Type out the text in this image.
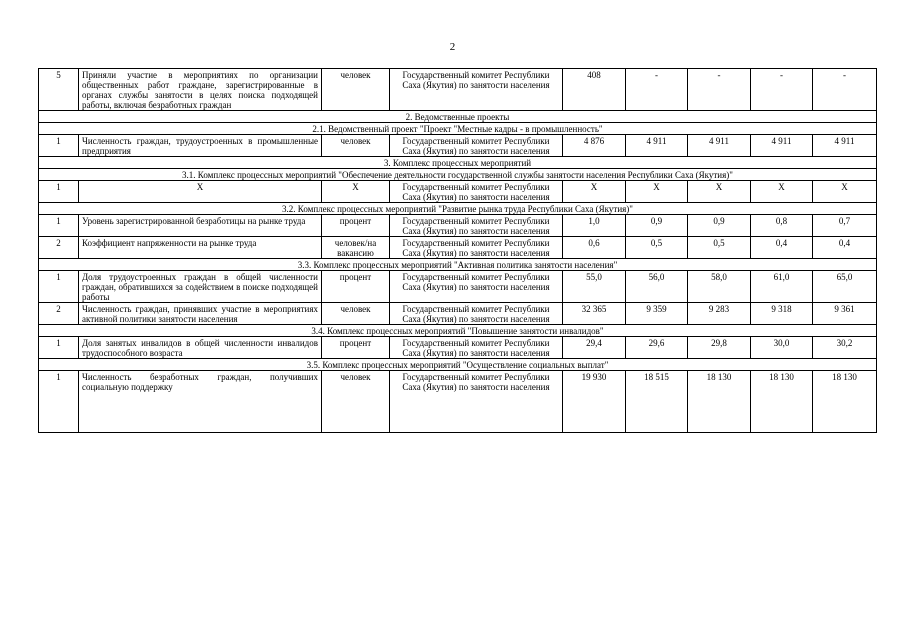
2
5	Приняли участие в мероприятиях по организации общественных работ граждане, зарегистрированные в органах службы занятости в целях поиска подходящей работы, включая безработных граждан	человек	Государственный комитет Республики Саха (Якутия) по занятости населения	408	-	-	-	-
2. Ведомственные проекты								
2.1. Ведомственный проект "Проект "Местные кадры - в промышленность"								
1	Численность граждан, трудоустроенных в промышленные предприятия	человек	Государственный комитет Республики Саха (Якутия) по занятости населения	4 876	4 911	4 911	4 911	4 911
3. Комплекс процессных мероприятий								
3.1. Комплекс процессных мероприятий "Обеспечение деятельности государственной службы занятости населения Республики Саха (Якутия)"								
1	X	X	Государственный комитет Республики Саха (Якутия) по занятости населения	X	X	X	X	X
3.2. Комплекс процессных мероприятий "Развитие рынка труда Республики Саха (Якутия)"								
1	Уровень зарегистрированной безработицы на рынке труда	процент	Государственный комитет Республики Саха (Якутия) по занятости населения	1,0	0,9	0,9	0,8	0,7
2	Коэффициент напряженности на рынке труда	человек/на вакансию	Государственный комитет Республики Саха (Якутия) по занятости населения	0,6	0,5	0,5	0,4	0,4
3.3. Комплекс процессных мероприятий "Активная политика занятости населения"								
1	Доля трудоустроенных граждан в общей численности граждан, обратившихся за содействием в поиске подходящей работы	процент	Государственный комитет Республики Саха (Якутия) по занятости населения	55,0	56,0	58,0	61,0	65,0
2	Численность граждан, принявших участие в мероприятиях активной политики занятости населения	человек	Государственный комитет Республики Саха (Якутия) по занятости населения	32 365	9 359	9 283	9 318	9 361
3.4. Комплекс процессных мероприятий "Повышение занятости инвалидов"								
1	Доля занятых инвалидов в общей численности инвалидов трудоспособного возраста	процент	Государственный комитет Республики Саха (Якутия) по занятости населения	29,4	29,6	29,8	30,0	30,2
3.5. Комплекс процессных мероприятий "Осуществление социальных выплат"								
1	Численность безработных граждан, получивших социальную поддержку	человек	Государственный комитет Республики Саха (Якутия) по занятости населения	19 930	18 515	18 130	18 130	18 130
